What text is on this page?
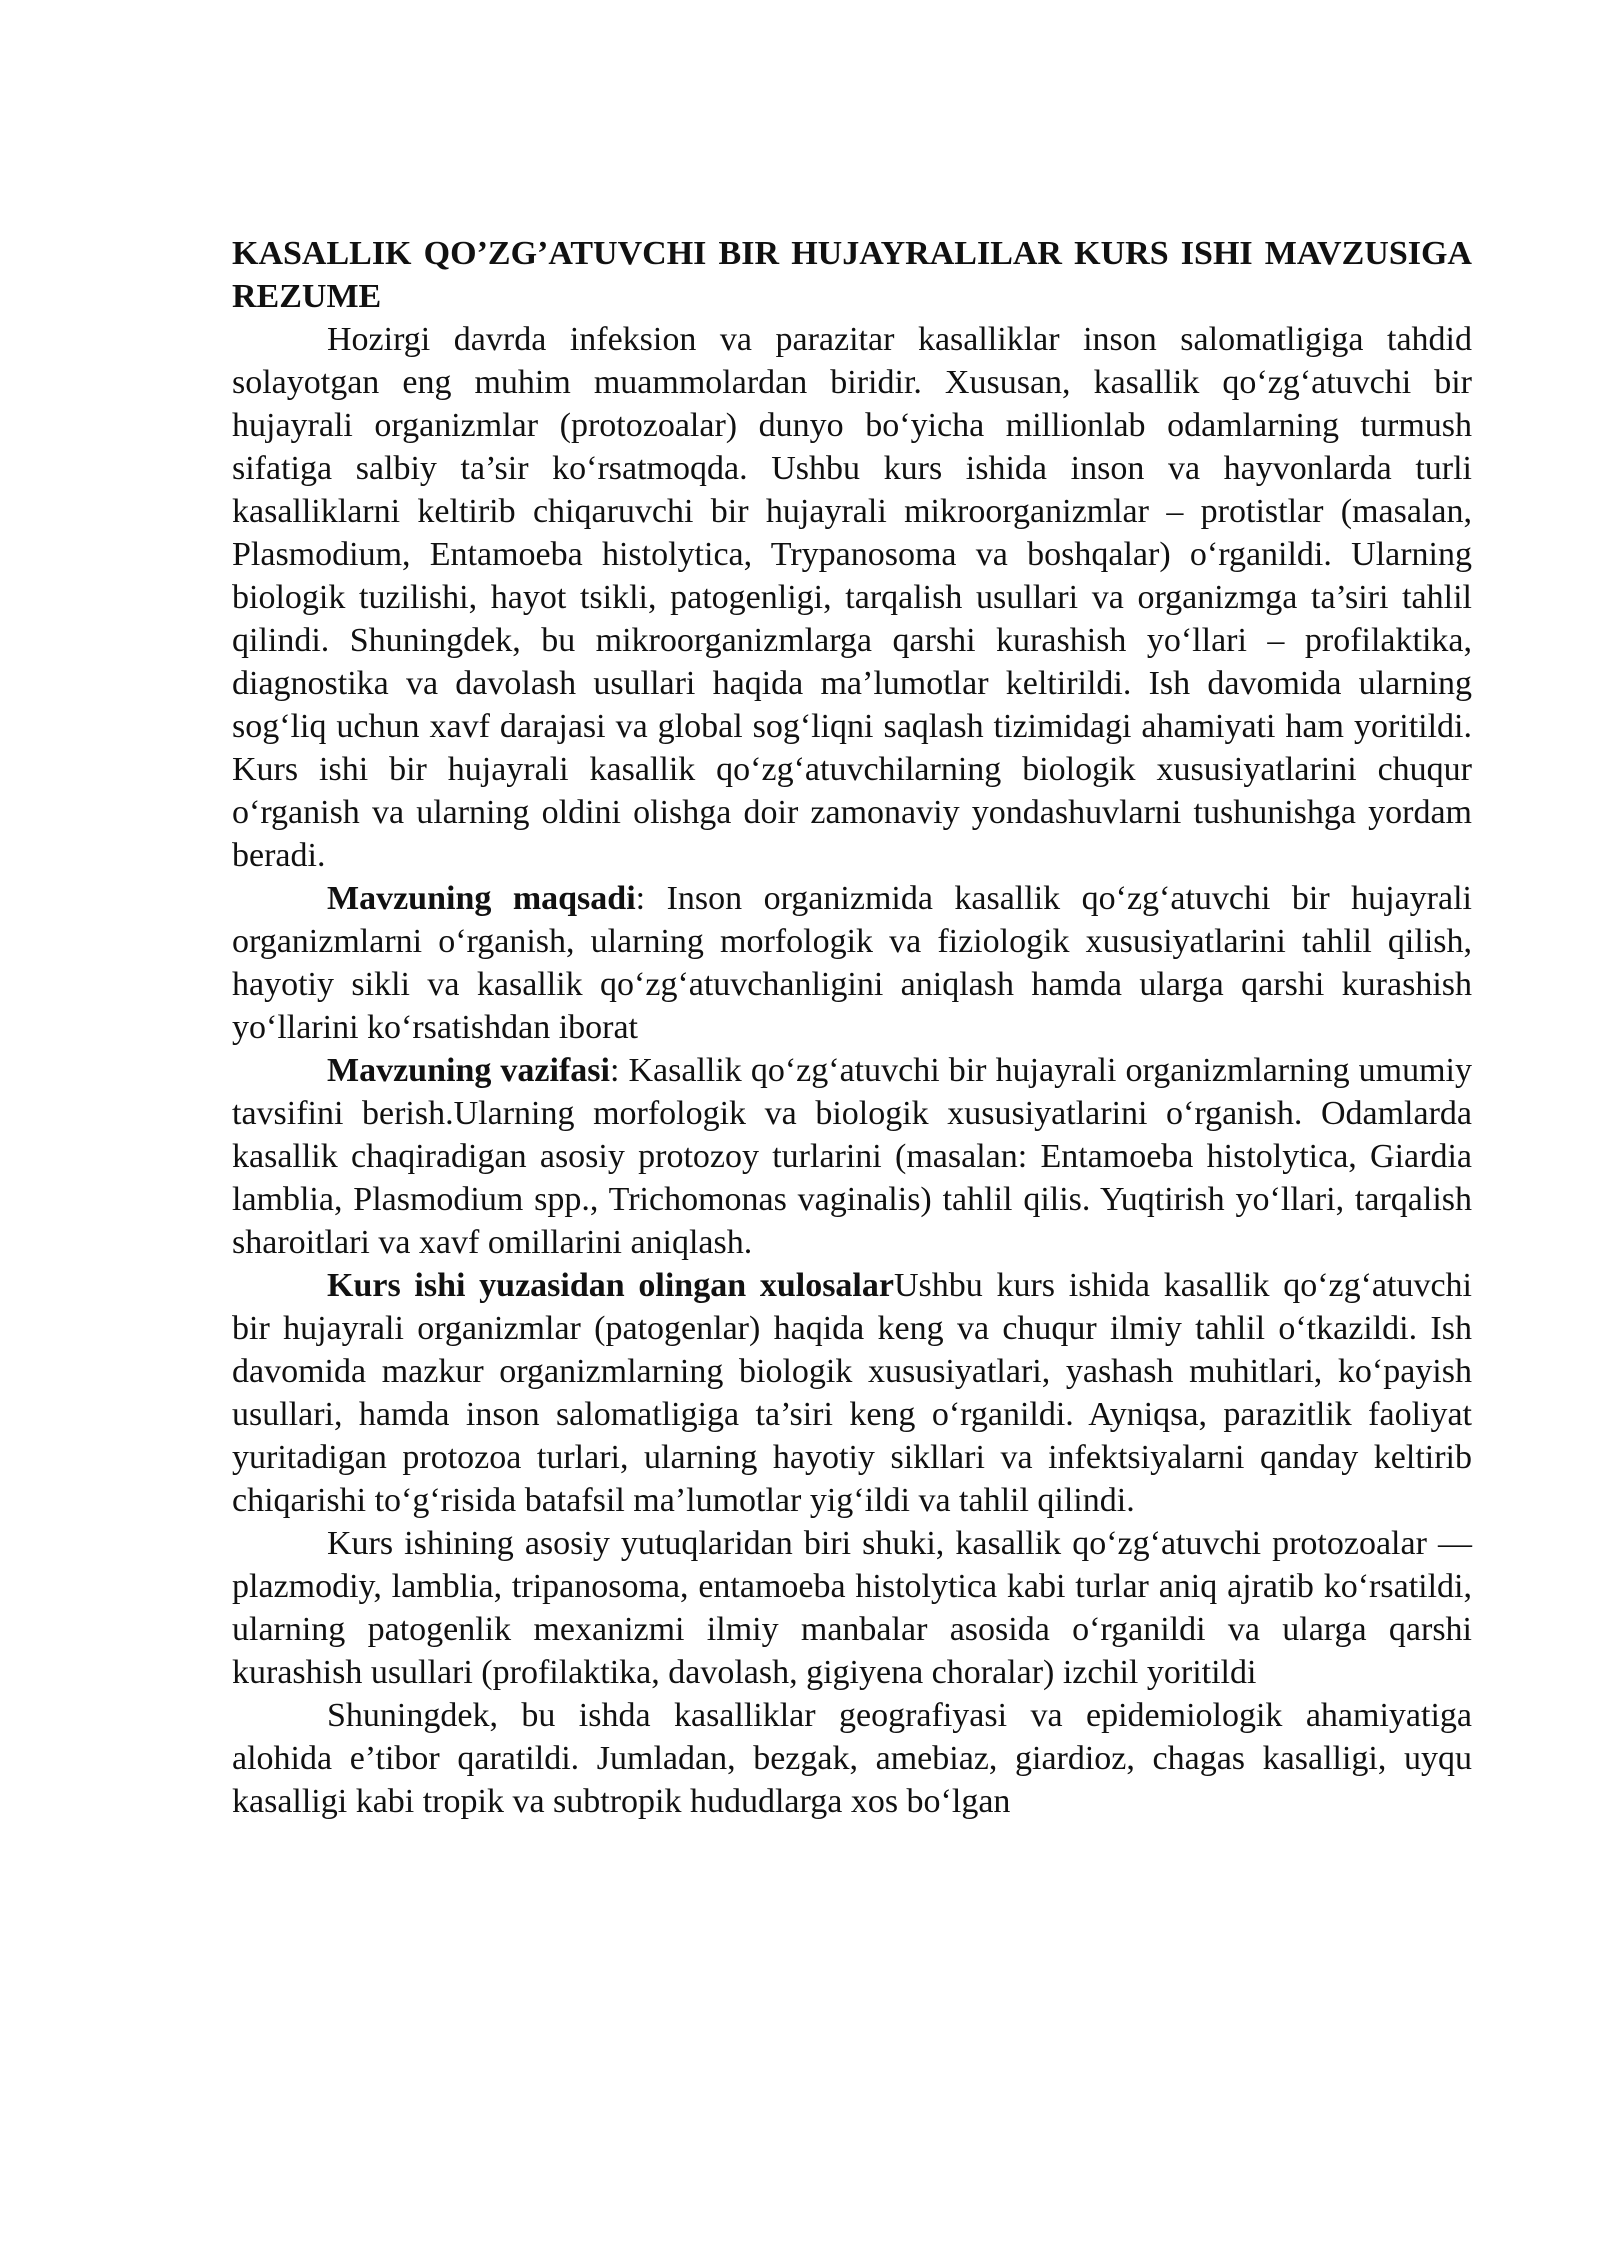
KASALLIK QO’ZG’ATUVCHI BIR HUJAYRALILAR KURS ISHI MAVZUSIGA REZUME

Hozirgi davrda infeksion va parazitar kasalliklar inson salomatligiga tahdid solayotgan eng muhim muammolardan biridir. Xususan, kasallik qo‘zg‘atuvchi bir hujayrali organizmlar (protozoalar) dunyo bo‘yicha millionlab odamlarning turmush sifatiga salbiy ta’sir ko‘rsatmoqda. Ushbu kurs ishida inson va hayvonlarda turli kasalliklarni keltirib chiqaruvchi bir hujayrali mikroorganizmlar – protistlar (masalan, Plasmodium, Entamoeba histolytica, Trypanosoma va boshqalar) o‘rganildi. Ularning biologik tuzilishi, hayot tsikli, patogenligi, tarqalish usullari va organizmga ta’siri tahlil qilindi. Shuningdek, bu mikroorganizmlarga qarshi kurashish yo‘llari – profilaktika, diagnostika va davolash usullari haqida ma’lumotlar keltirildi. Ish davomida ularning sog‘liq uchun xavf darajasi va global sog‘liqni saqlash tizimidagi ahamiyati ham yoritildi. Kurs ishi bir hujayrali kasallik qo‘zg‘atuvchilarning biologik xususiyatlarini chuqur o‘rganish va ularning oldini olishga doir zamonaviy yondashuvlarni tushunishga yordam beradi.

Mavzuning maqsadi: Inson organizmida kasallik qo‘zg‘atuvchi bir hujayrali organizmlarni o‘rganish, ularning morfologik va fiziologik xususiyatlarini tahlil qilish, hayotiy sikli va kasallik qo‘zg‘atuvchanligini aniqlash hamda ularga qarshi kurashish yo‘llarini ko‘rsatishdan iborat

Mavzuning vazifasi: Kasallik qo‘zg‘atuvchi bir hujayrali organizmlarning umumiy tavsifini berish.Ularning morfologik va biologik xususiyatlarini o‘rganish. Odamlarda kasallik chaqiradigan asosiy protozoy turlarini (masalan: Entamoeba histolytica, Giardia lamblia, Plasmodium spp., Trichomonas vaginalis) tahlil qilis. Yuqtirish yo‘llari, tarqalish sharoitlari va xavf omillarini aniqlash.

Kurs ishi yuzasidan olingan xulosalarUshbu kurs ishida kasallik qo‘zg‘atuvchi bir hujayrali organizmlar (patogenlar) haqida keng va chuqur ilmiy tahlil o‘tkazildi. Ish davomida mazkur organizmlarning biologik xususiyatlari, yashash muhitlari, ko‘payish usullari, hamda inson salomatligiga ta’siri keng o‘rganildi. Ayniqsa, parazitlik faoliyat yuritadigan protozoa turlari, ularning hayotiy sikllari va infektsiyalarni qanday keltirib chiqarishi to‘g‘risida batafsil ma’lumotlar yig‘ildi va tahlil qilindi.

Kurs ishining asosiy yutuqlaridan biri shuki, kasallik qo‘zg‘atuvchi protozoalar — plazmodiy, lamblia, tripanosoma, entamoeba histolytica kabi turlar aniq ajratib ko‘rsatildi, ularning patogenlik mexanizmi ilmiy manbalar asosida o‘rganildi va ularga qarshi kurashish usullari (profilaktika, davolash, gigiyena choralar) izchil yoritildi

Shuningdek, bu ishda kasalliklar geografiyasi va epidemiologik ahamiyatiga alohida e’tibor qaratildi. Jumladan, bezgak, amebiaz, giardioz, chagas kasalligi, uyqu kasalligi kabi tropik va subtropik hududlarga xos bo‘lgan
